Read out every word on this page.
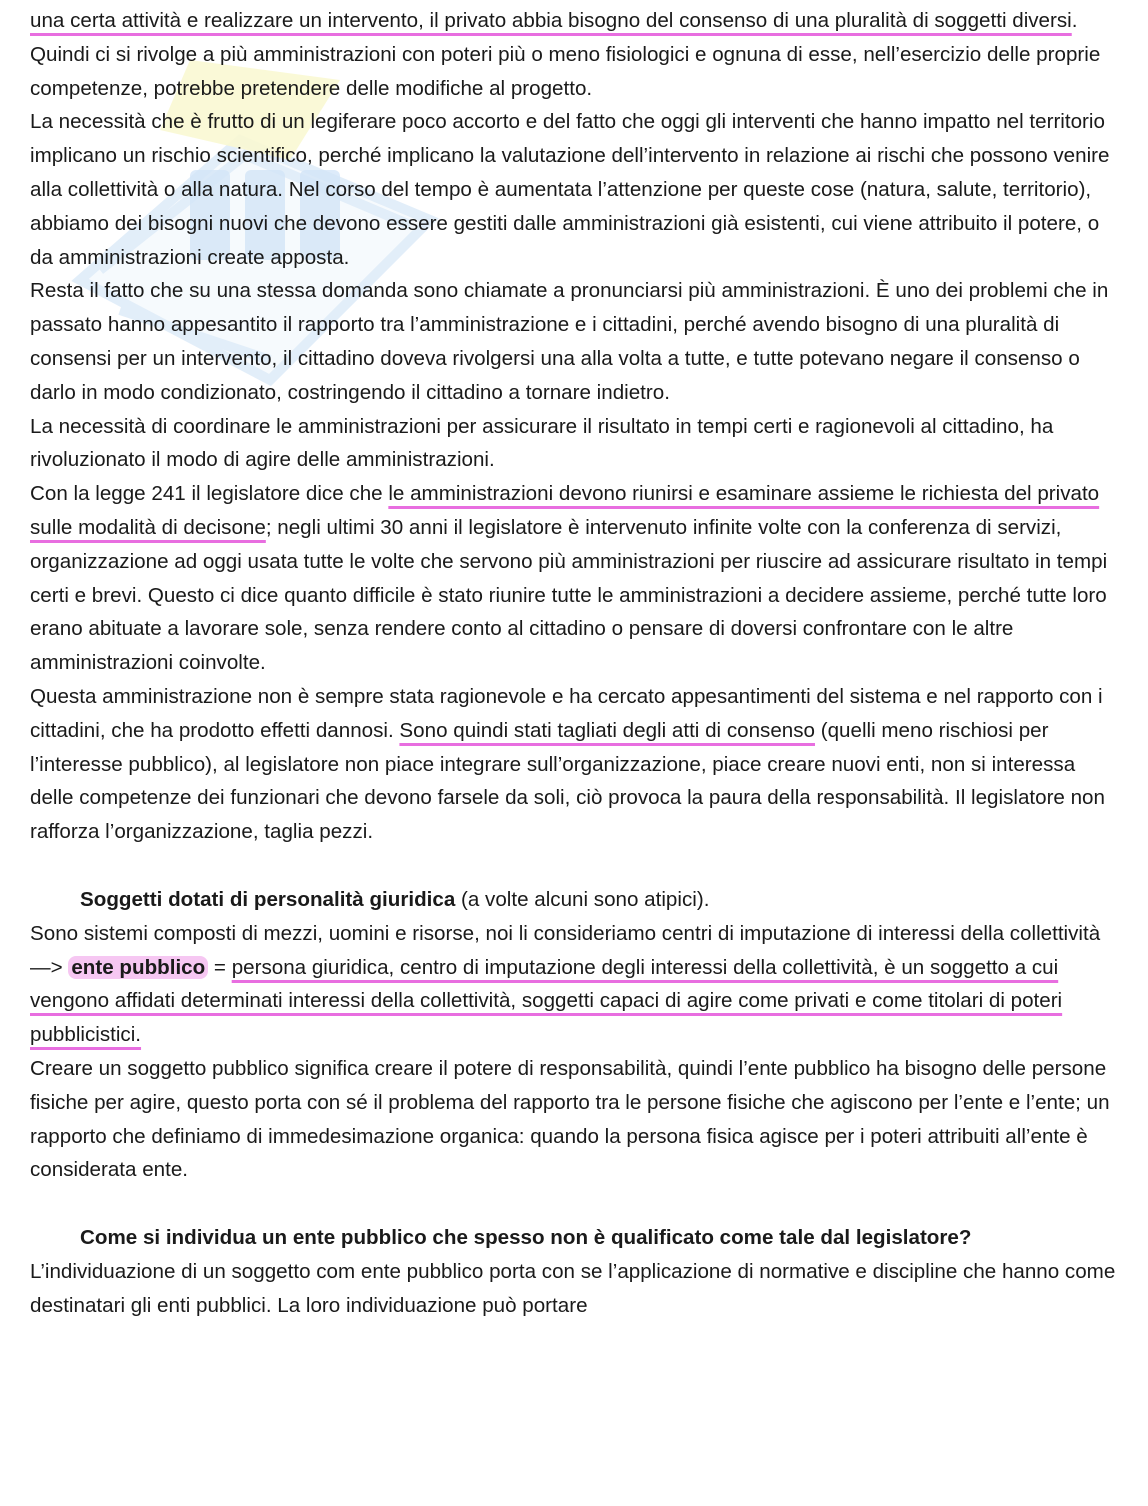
una certa attività e realizzare un intervento, il privato abbia bisogno del consenso di una pluralità di soggetti diversi. Quindi ci si rivolge a più amministrazioni con poteri più o meno fisiologici e ognuna di esse, nell’esercizio delle proprie competenze, potrebbe pretendere delle modifiche al progetto.

La necessità che è frutto di un legiferare poco accorto e del fatto che oggi gli interventi che hanno impatto nel territorio implicano un rischio scientifico, perché implicano la valutazione dell’intervento in relazione ai rischi che possono venire alla collettività o alla natura. Nel corso del tempo è aumentata l’attenzione per queste cose (natura, salute, territorio), abbiamo dei bisogni nuovi che devono essere gestiti dalle amministrazioni già esistenti, cui viene attribuito il potere, o da amministrazioni create apposta.

Resta il fatto che su una stessa domanda sono chiamate a pronunciarsi più amministrazioni. È uno dei problemi che in passato hanno appesantito il rapporto tra l’amministrazione e i cittadini, perché avendo bisogno di una pluralità di consensi per un intervento, il cittadino doveva rivolgersi una alla volta a tutte, e tutte potevano negare il consenso o darlo in modo condizionato, costringendo il cittadino a tornare indietro.

La necessità di coordinare le amministrazioni per assicurare il risultato in tempi certi e ragionevoli al cittadino, ha rivoluzionato il modo di agire delle amministrazioni.

Con la legge 241 il legislatore dice che le amministrazioni devono riunirsi e esaminare assieme le richiesta del privato sulle modalità di decisone; negli ultimi 30 anni il legislatore è intervenuto infinite volte con la conferenza di servizi, organizzazione ad oggi usata tutte le volte che servono più amministrazioni per riuscire ad assicurare risultato in tempi certi e brevi. Questo ci dice quanto difficile è stato riunire tutte le amministrazioni a decidere assieme, perché tutte loro erano abituate a lavorare sole, senza rendere conto al cittadino o pensare di doversi confrontare con le altre amministrazioni coinvolte.

Questa amministrazione non è sempre stata ragionevole e ha cercato appesantimenti del sistema e nel rapporto con i cittadini, che ha prodotto effetti dannosi. Sono quindi stati tagliati degli atti di consenso (quelli meno rischiosi per l’interesse pubblico), al legislatore non piace integrare sull’organizzazione, piace creare nuovi enti, non si interessa delle competenze dei funzionari che devono farsele da soli, ciò provoca la paura della responsabilità. Il legislatore non rafforza l’organizzazione, taglia pezzi.

Soggetti dotati di personalità giuridica (a volte alcuni sono atipici).

Sono sistemi composti di mezzi, uomini e risorse, noi li consideriamo centri di imputazione di interessi della collettività —> ente pubblico = persona giuridica, centro di imputazione degli interessi della collettività, è un soggetto a cui vengono affidati determinati interessi della collettività, soggetti capaci di agire come privati e come titolari di poteri pubblicistici.

Creare un soggetto pubblico significa creare il potere di responsabilità, quindi l’ente pubblico ha bisogno delle persone fisiche per agire, questo porta con sé il problema del rapporto tra le persone fisiche che agiscono per l’ente e l’ente; un rapporto che definiamo di immedesimazione organica: quando la persona fisica agisce per i poteri attribuiti all’ente è considerata ente.

Come si individua un ente pubblico che spesso non è qualificato come tale dal legislatore?

L’individuazione di un soggetto com ente pubblico porta con se l’applicazione di normative e discipline che hanno come destinatari gli enti pubblici. La loro individuazione può portare
